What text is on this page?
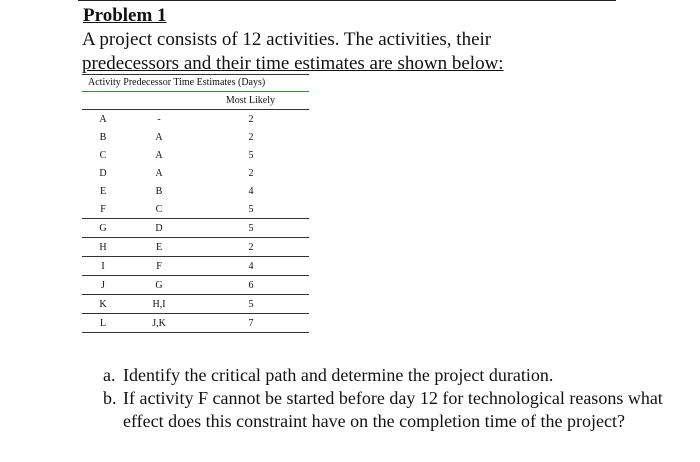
Problem 1

A project consists of 12 activities. The activities, their
predecessors and their time estimates are shown below:

Activity Predecessor Time Estimates (Days)
Most Likely
A	-	2
B	A	2
C	A	5
D	A	2
E	B	4
F	C	5
G	D	5
H	E	2
I	F	4
J	G	6
K	H,I	5
L	J,K	7
a. Identify the critical path and determine the project duration.
b. If activity F cannot be started before day 12 for technological reasons what effect does this constraint have on the completion time of the project?
